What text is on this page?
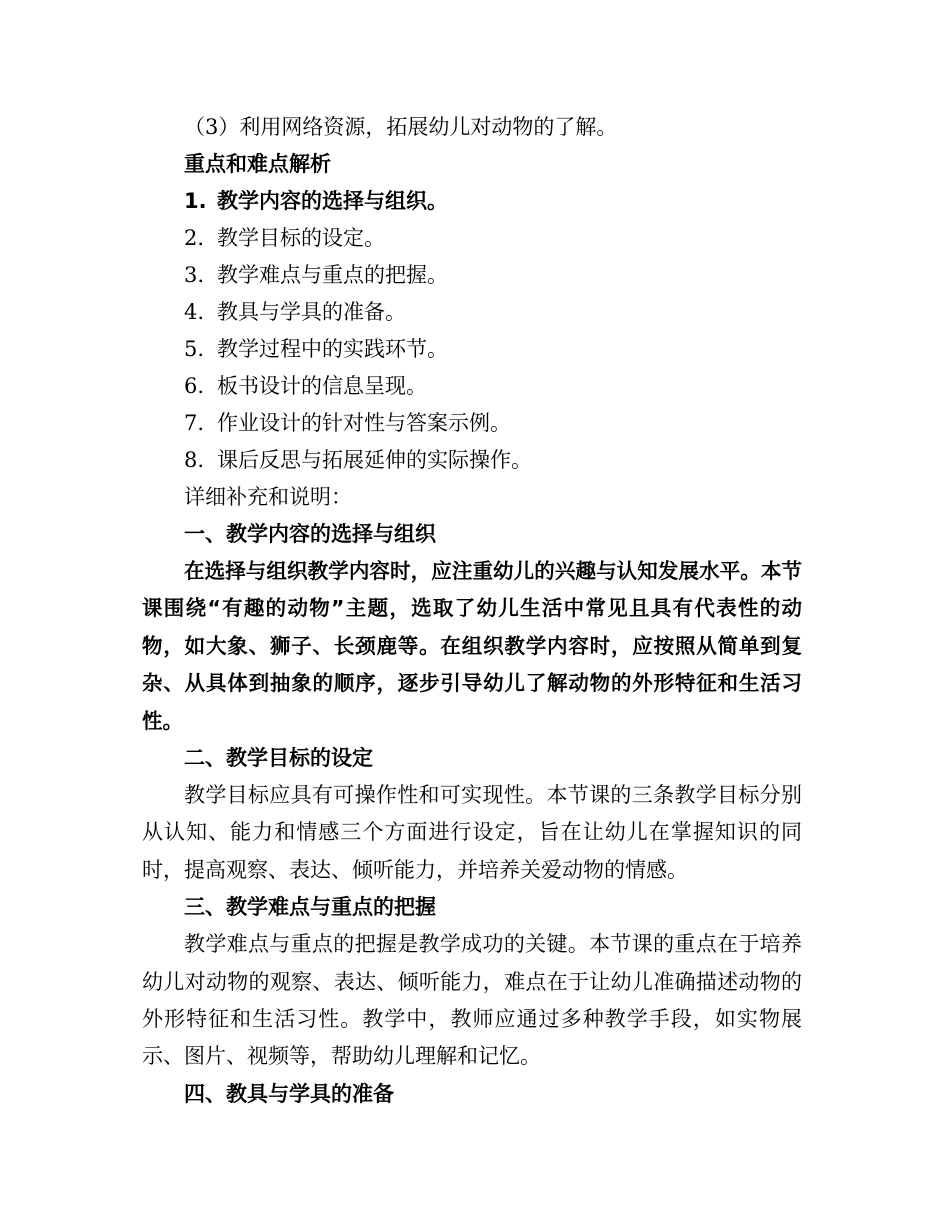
（3）利用网络资源，拓展幼儿对动物的了解。
重点和难点解析
1. 教学内容的选择与组织。
2. 教学目标的设定。
3. 教学难点与重点的把握。
4. 教具与学具的准备。
5. 教学过程中的实践环节。
6. 板书设计的信息呈现。
7. 作业设计的针对性与答案示例。
8. 课后反思与拓展延伸的实际操作。
详细补充和说明：
一、教学内容的选择与组织

在选择与组织教学内容时，应注重幼儿的兴趣与认知发展水平。本节课围绕“有趣的动物”主题，选取了幼儿生活中常见且具有代表性的动物，如大象、狮子、长颈鹿等。在组织教学内容时，应按照从简单到复杂、从具体到抽象的顺序，逐步引导幼儿了解动物的外形特征和生活习性。

二、教学目标的设定

教学目标应具有可操作性和可实现性。本节课的三条教学目标分别从认知、能力和情感三个方面进行设定，旨在让幼儿在掌握知识的同时，提高观察、表达、倾听能力，并培养关爱动物的情感。

三、教学难点与重点的把握

教学难点与重点的把握是教学成功的关键。本节课的重点在于培养幼儿对动物的观察、表达、倾听能力，难点在于让幼儿准确描述动物的外形特征和生活习性。教学中，教师应通过多种教学手段，如实物展示、图片、视频等，帮助幼儿理解和记忆。

四、教具与学具的准备
